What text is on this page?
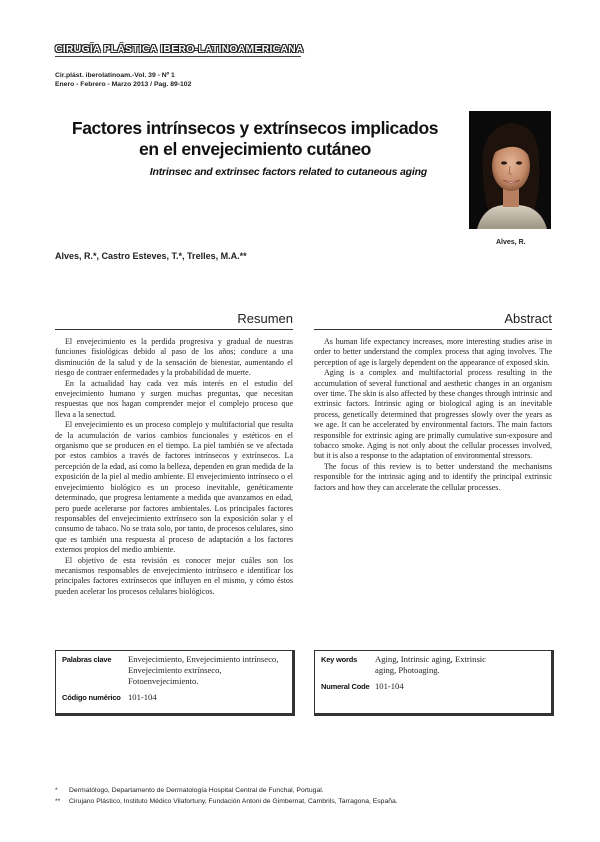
CIRUGÍA PLÁSTICA IBERO-LATINOAMERICANA
Cir.plást. iberolatinoam.-Vol. 39 - Nº 1
Enero - Febrero - Marzo 2013 / Pag. 89-102
Factores intrínsecos y extrínsecos implicados
en el envejecimiento cutáneo
Intrinsec and extrinsec factors related to cutaneous aging
Alves, R.
Alves, R.*, Castro Esteves, T.*, Trelles, M.A.**
Resumen	Abstract

El envejecimiento es la perdida progresiva y gradual de nuestras funciones fisiológicas debido al paso de los años; conduce a una disminución de la salud y de la sensación de bienestar, aumentando el riesgo de contraer enfermedades y la probabilidad de muerte.

En la actualidad hay cada vez más interés en el estudio del envejecimiento humano y surgen muchas preguntas, que necesitan respuestas que nos hagan comprender mejor el complejo proceso que lleva a la senectud.

El envejecimiento es un proceso complejo y multifactorial que resulta de la acumulación de varios cambios funcionales y estéticos en el organismo que se producen en el tiempo. La piel también se ve afectada por estos cambios a través de factores intrínsecos y extrínsecos. La percepción de la edad, así como la belleza, dependen en gran medida de la exposición de la piel al medio ambiente. El envejecimiento intrínseco o el envejecimiento biológico es un proceso inevitable, genéticamente determinado, que progresa lentamente a medida que avanzamos en edad, pero puede acelerarse por factores ambientales. Los principales factores responsables del envejecimiento extrínseco son la exposición solar y el consumo de tabaco. No se trata solo, por tanto, de procesos celulares, sino que es también una respuesta al proceso de adaptación a los factores externos propios del medio ambiente.

El objetivo de esta revisión es conocer mejor cuáles son los mecanismos responsables de envejecimiento intrínseco e identificar los principales factores extrínsecos que influyen en el mismo, y cómo éstos pueden acelerar los procesos celulares biológicos.

As human life expectancy increases, more interesting studies arise in order to better understand the complex process that aging involves. The perception of age is largely dependent on the appearance of exposed skin.

Aging is a complex and multifactorial process resulting in the accumulation of several functional and aesthetic changes in an organism over time. The skin is also affected by these changes through intrinsic and extrinsic factors. Intrinsic aging or biological aging is an inevitable process, genetically determined that progresses slowly over the years as we age. It can be accelerated by environmental factors. The main factors responsible for extrinsic aging are primally cumulative sun-exposure and tobacco smoke. Aging is not only about the cellular processes involved, but it is also a response to the adaptation of environmental stressors.

The focus of this review is to better understand the mechanisms responsible for the intrinsic aging and to identify the principal extrinsic factors and how they can accelerate the cellular processes.

Palabras clave	Envejecimiento, Envejecimiento intrínseco, Envejecimiento extrínseco, Fotoenvejecimiento.
Código numérico 101-104
Key words	Aging, Intrinsic aging, Extrinsic aging, Photoaging.
Numeral Code 101-104
*	Dermatólogo, Departamento de Dermatología Hospital Central de Funchal, Portugal.
**	Cirujano Plástico, Instituto Médico Vilafortuny, Fundación Antoni de Gimbernat, Cambrils, Tarragona, España.
